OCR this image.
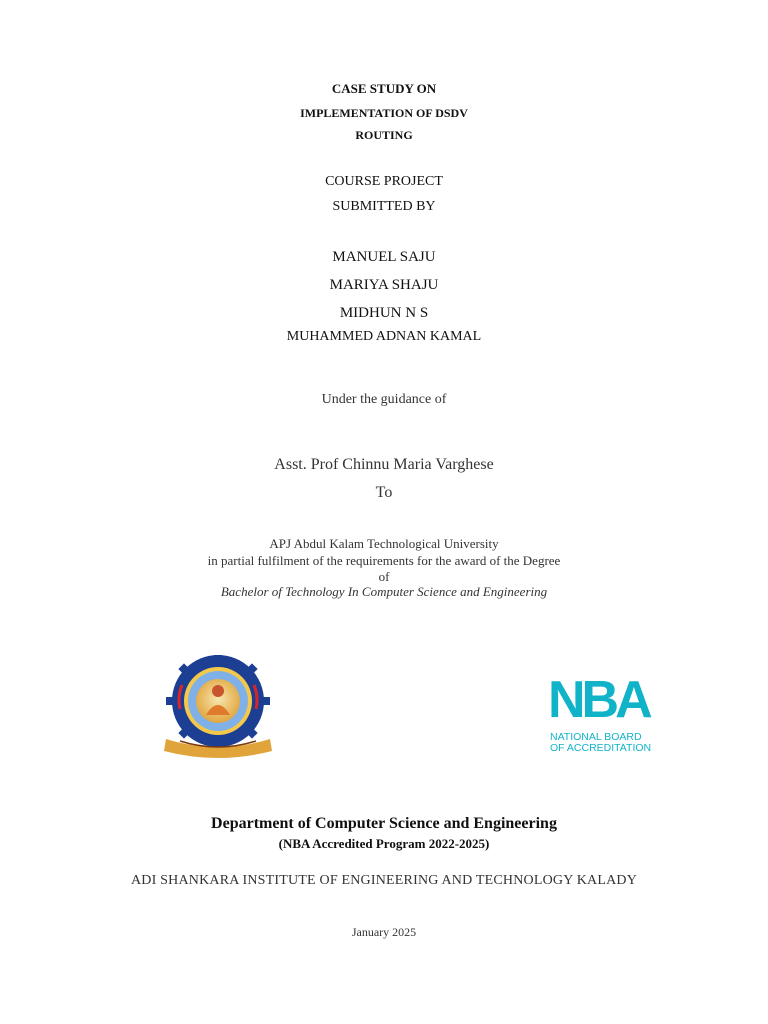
CASE STUDY ON
IMPLEMENTATION OF DSDV
ROUTING
COURSE PROJECT
SUBMITTED BY
MANUEL SAJU
MARIYA SHAJU
MIDHUN N S
MUHAMMED ADNAN KAMAL
Under the guidance of
Asst. Prof Chinnu Maria Varghese
To
APJ Abdul Kalam Technological University
in partial fulfilment of the requirements for the award of the Degree
of
Bachelor of Technology In Computer Science and Engineering
NBA
NATIONAL BOARD
OF ACCREDITATION
Department of Computer Science and Engineering
(NBA Accredited Program 2022-2025)
ADI SHANKARA INSTITUTE OF ENGINEERING AND TECHNOLOGY KALADY
January 2025
